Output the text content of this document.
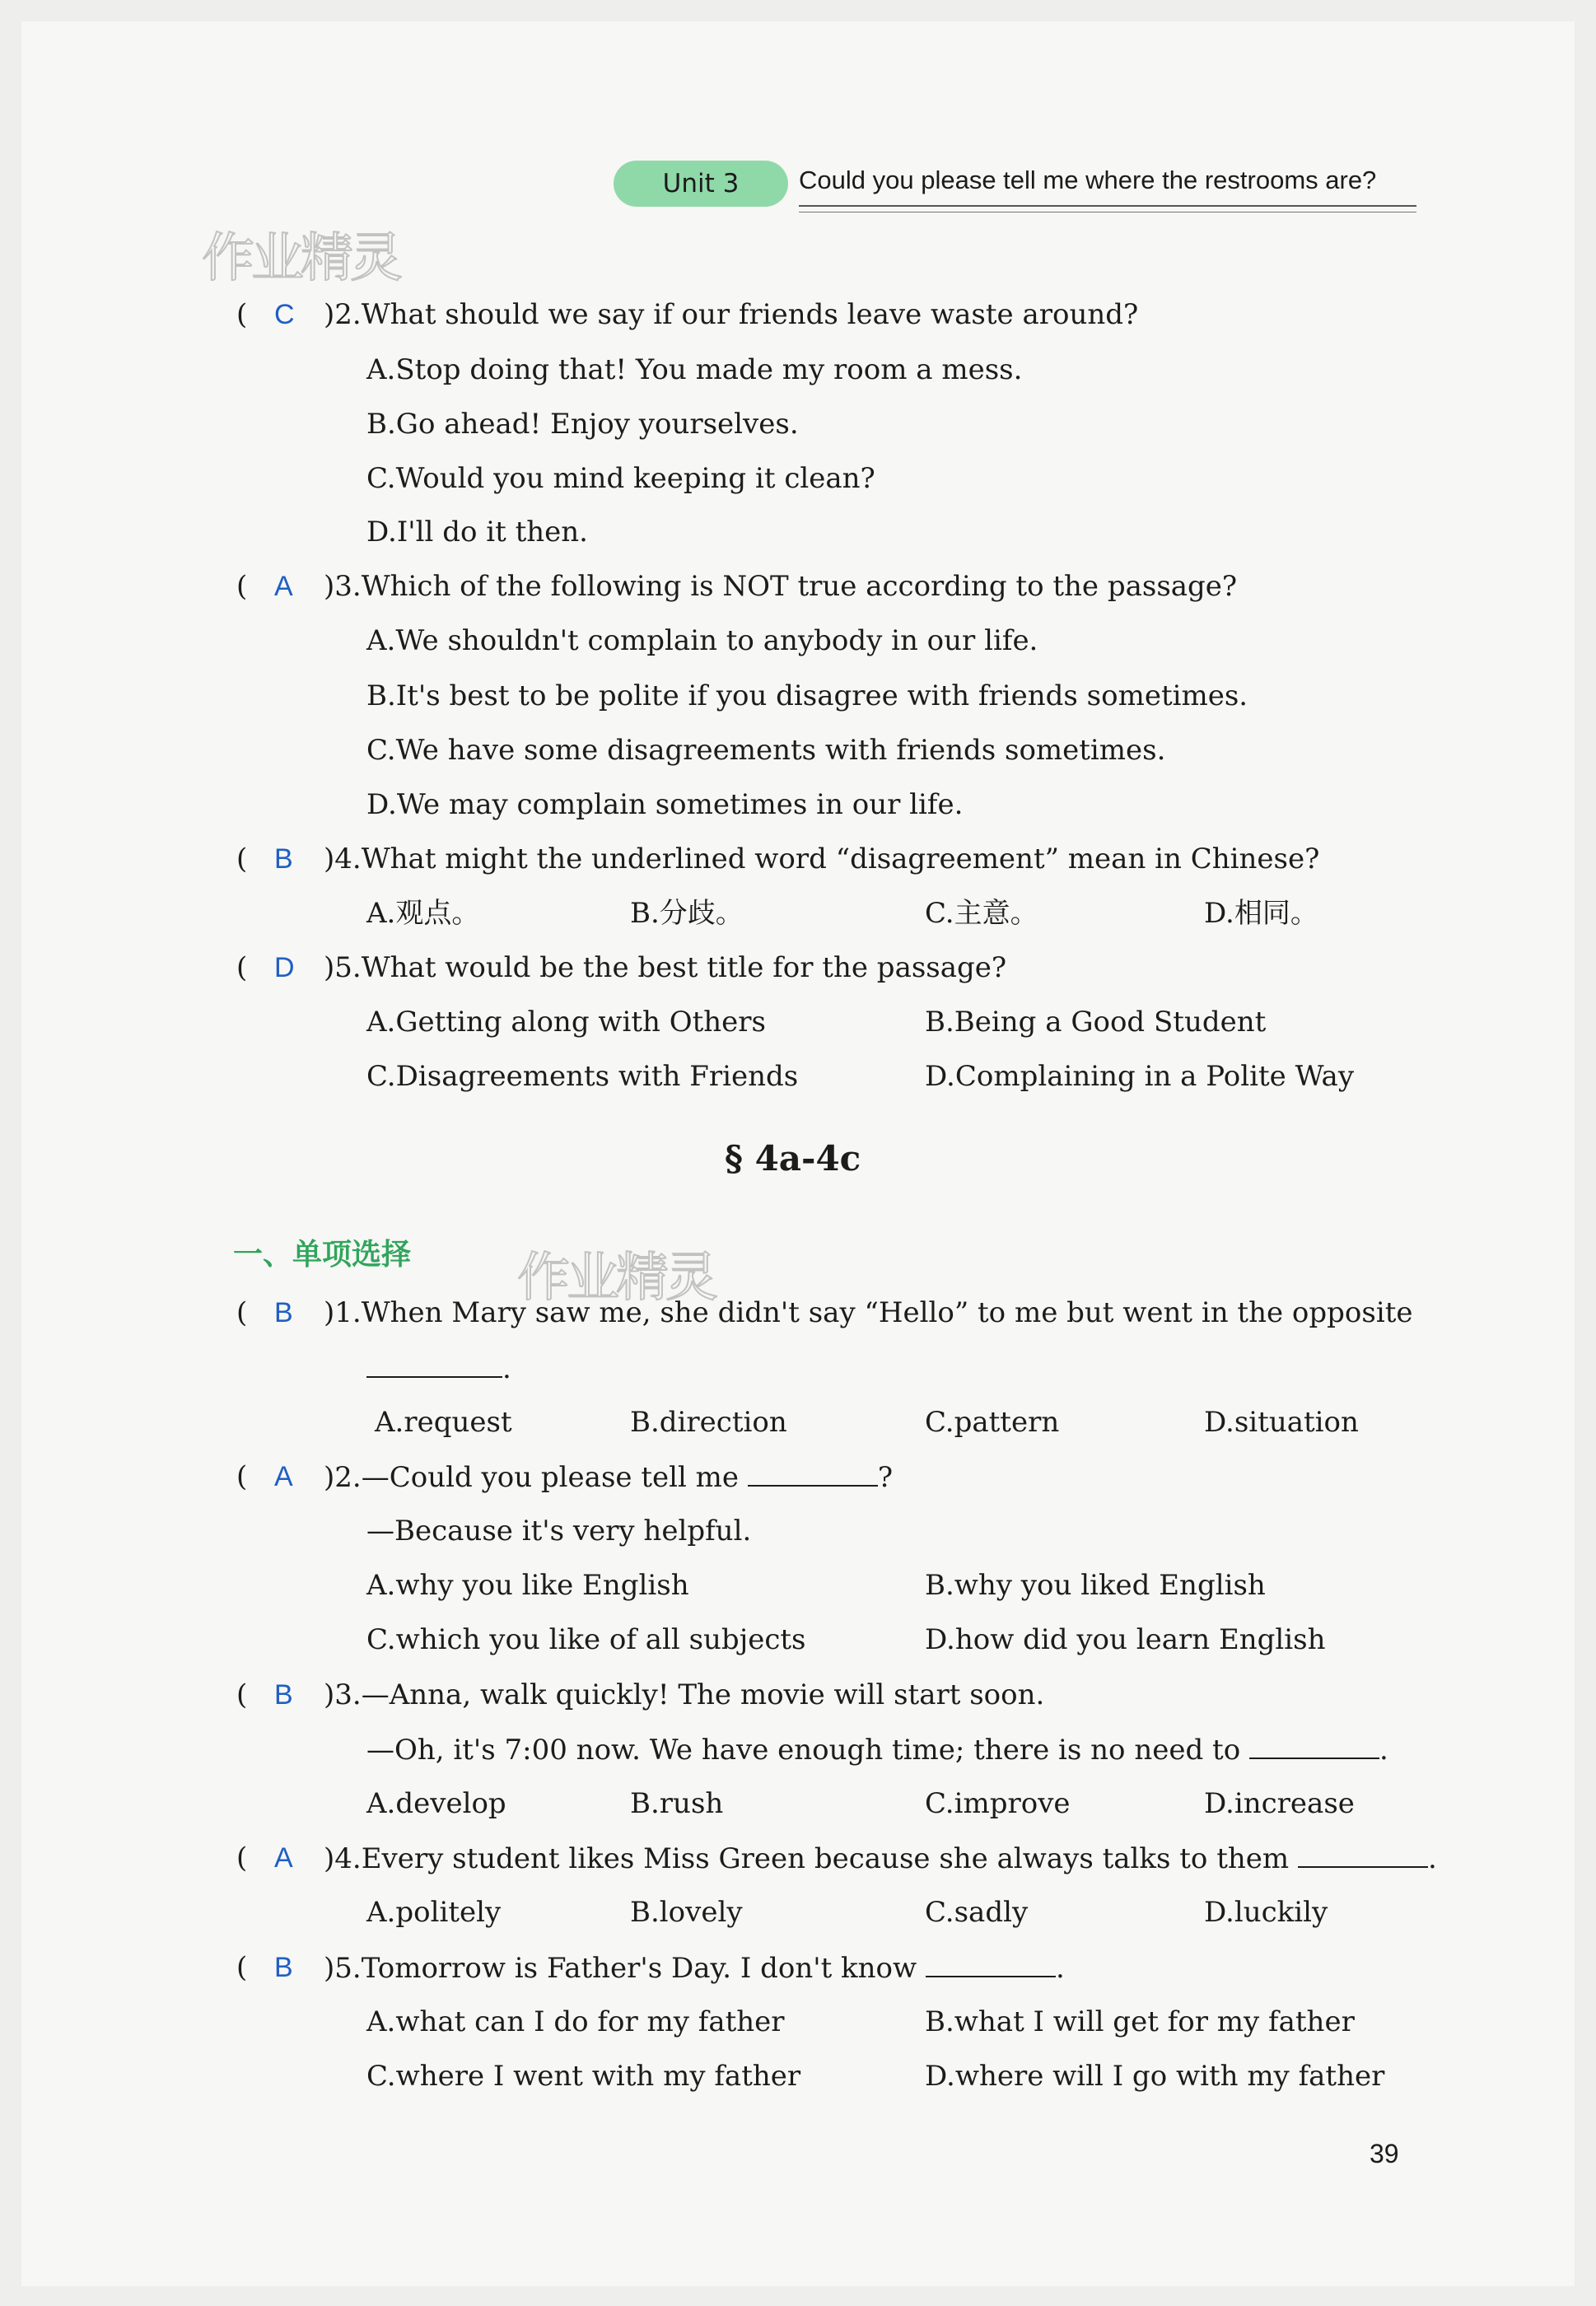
Unit 3	Could you please tell me where the restrooms are?
作业精灵
作业精灵
( C )2.What should we say if our friends leave waste around?
A.Stop doing that! You made my room a mess.
B.Go ahead! Enjoy yourselves.
C.Would you mind keeping it clean?
D.I'll do it then.
( A )3.Which of the following is NOT true according to the passage?
A.We shouldn't complain to anybody in our life.
B.It's best to be polite if you disagree with friends sometimes.
C.We have some disagreements with friends sometimes.
D.We may complain sometimes in our life.
( B )4.What might the underlined word “disagreement” mean in Chinese?
A.观点。	B.分歧。	C.主意。	D.相同。
( D )5.What would be the best title for the passage?
A.Getting along with Others	B.Being a Good Student
C.Disagreements with Friends	D.Complaining in a Polite Way
§ 4a-4c
一、单项选择
( B )1.When Mary saw me, she didn't say “Hello” to me but went in the opposite
.
A.request	B.direction	C.pattern	D.situation
( A )2.—Could you please tell me	?
—Because it's very helpful.
A.why you like English	B.why you liked English
C.which you like of all subjects	D.how did you learn English
( B )3.—Anna, walk quickly! The movie will start soon.
—Oh, it's 7:00 now. We have enough time; there is no need to	.
A.develop	B.rush	C.improve	D.increase
( A )4.Every student likes Miss Green because she always talks to them	.
A.politely	B.lovely	C.sadly	D.luckily
( B )5.Tomorrow is Father's Day. I don't know	.
A.what can I do for my father	B.what I will get for my father
C.where I went with my father	D.where will I go with my father
39
